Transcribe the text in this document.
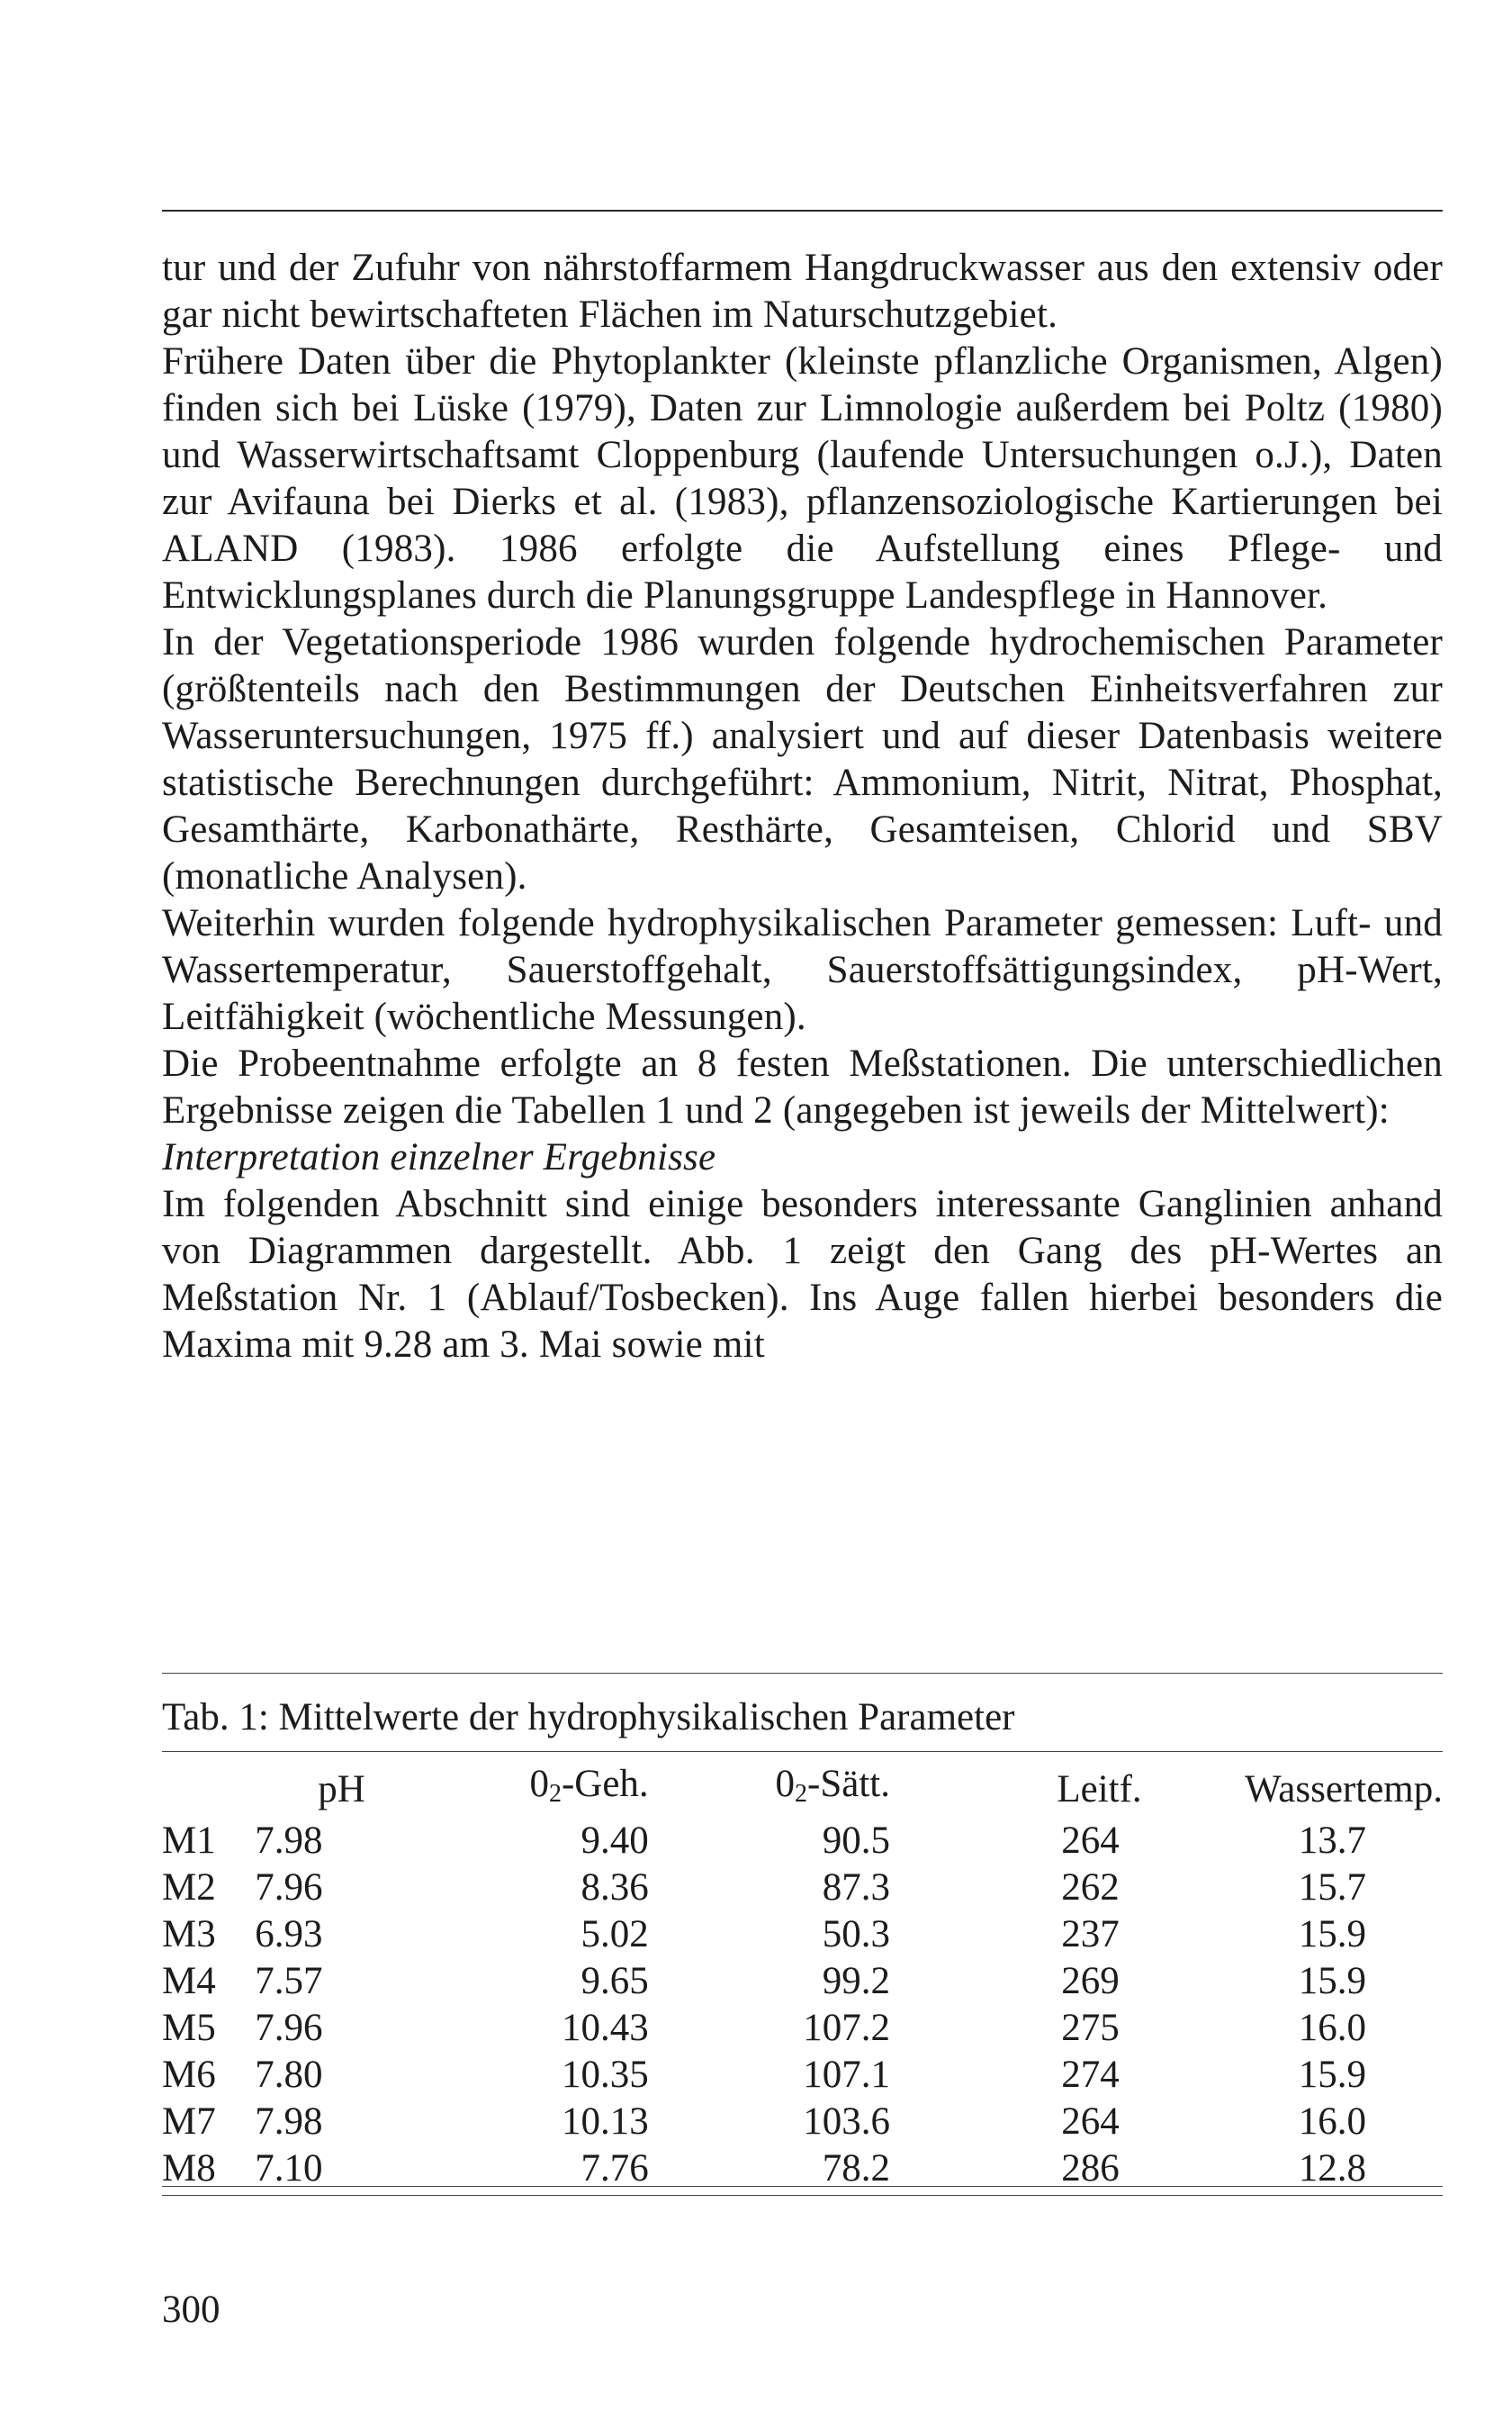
tur und der Zufuhr von nährstoffarmem Hangdruckwasser aus den extensiv oder gar nicht bewirtschafteten Flächen im Naturschutzgebiet.

Frühere Daten über die Phytoplankter (kleinste pflanzliche Organismen, Algen) finden sich bei Lüske (1979), Daten zur Limnologie außerdem bei Poltz (1980) und Wasserwirtschaftsamt Cloppenburg (laufende Untersuchungen o.J.), Daten zur Avifauna bei Dierks et al. (1983), pflanzensoziologische Kartierungen bei ALAND (1983). 1986 erfolgte die Aufstellung eines Pflege- und Entwicklungsplanes durch die Planungsgruppe Landespflege in Hannover.

In der Vegetationsperiode 1986 wurden folgende hydrochemischen Parameter (größtenteils nach den Bestimmungen der Deutschen Einheitsverfahren zur Wasseruntersuchungen, 1975 ff.) analysiert und auf dieser Datenbasis weitere statistische Berechnungen durchgeführt: Ammonium, Nitrit, Nitrat, Phosphat, Gesamthärte, Karbonathärte, Resthärte, Gesamteisen, Chlorid und SBV (monatliche Analysen).

Weiterhin wurden folgende hydrophysikalischen Parameter gemessen: Luft- und Wassertemperatur, Sauerstoffgehalt, Sauerstoffsättigungsindex, pH-Wert, Leitfähigkeit (wöchentliche Messungen).

Die Probeentnahme erfolgte an 8 festen Meßstationen. Die unterschiedlichen Ergebnisse zeigen die Tabellen 1 und 2 (angegeben ist jeweils der Mittelwert):

Interpretation einzelner Ergebnisse

Im folgenden Abschnitt sind einige besonders interessante Ganglinien anhand von Diagrammen dargestellt. Abb. 1 zeigt den Gang des pH-Wertes an Meßstation Nr. 1 (Ablauf/Tosbecken). Ins Auge fallen hierbei besonders die Maxima mit 9.28 am 3. Mai sowie mit

Tab. 1: Mittelwerte der hydrophysikalischen Parameter
	pH	$0_2$-Geh.	$0_2$-Sätt.	Leitf.	Wassertemp.
M1	7.98	9.40	90.5	264	13.7
M2	7.96	8.36	87.3	262	15.7
M3	6.93	5.02	50.3	237	15.9
M4	7.57	9.65	99.2	269	15.9
M5	7.96	10.43	107.2	275	16.0
M6	7.80	10.35	107.1	274	15.9
M7	7.98	10.13	103.6	264	16.0
M8	7.10	7.76	78.2	286	12.8
300
